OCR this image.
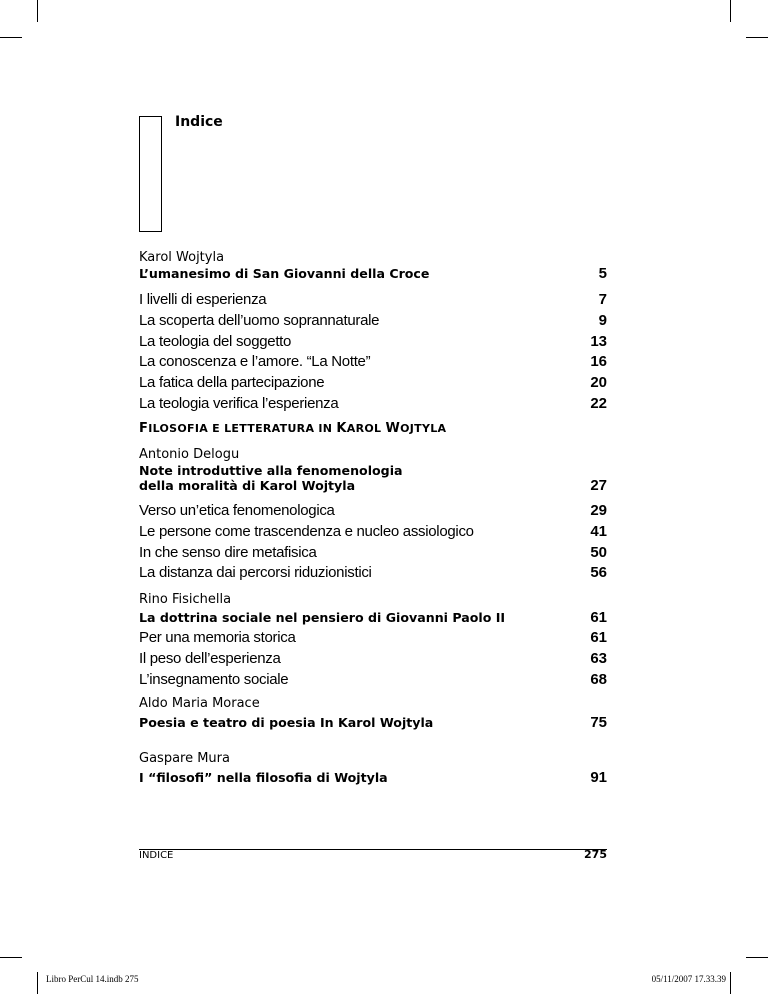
Indice
Karol Wojtyla
L’umanesimo di San Giovanni della Croce	5
I livelli di esperienza	7
La scoperta dell’uomo soprannaturale	9
La teologia del soggetto	13
La conoscenza e l’amore. “La Notte”	16
La fatica della partecipazione	20
La teologia verifica l’esperienza	22
FILOSOFIA E LETTERATURA IN KAROL WOJTYLA
Antonio Delogu
Note introduttive alla fenomenologia della moralità di Karol Wojtyla	27
Verso un’etica fenomenologica	29
Le persone come trascendenza e nucleo assiologico	41
In che senso dire metafisica	50
La distanza dai percorsi riduzionistici	56
Rino Fisichella
La dottrina sociale nel pensiero di Giovanni Paolo II	61
Per una memoria storica	61
Il peso dell’esperienza	63
L’insegnamento sociale	68
Aldo Maria Morace
Poesia e teatro di poesia In Karol Wojtyla	75
Gaspare Mura
I “filosofi” nella filosofia di Wojtyla	91
INDICE	275
Libro PerCul 14.indb 275	05/11/2007 17.33.39
